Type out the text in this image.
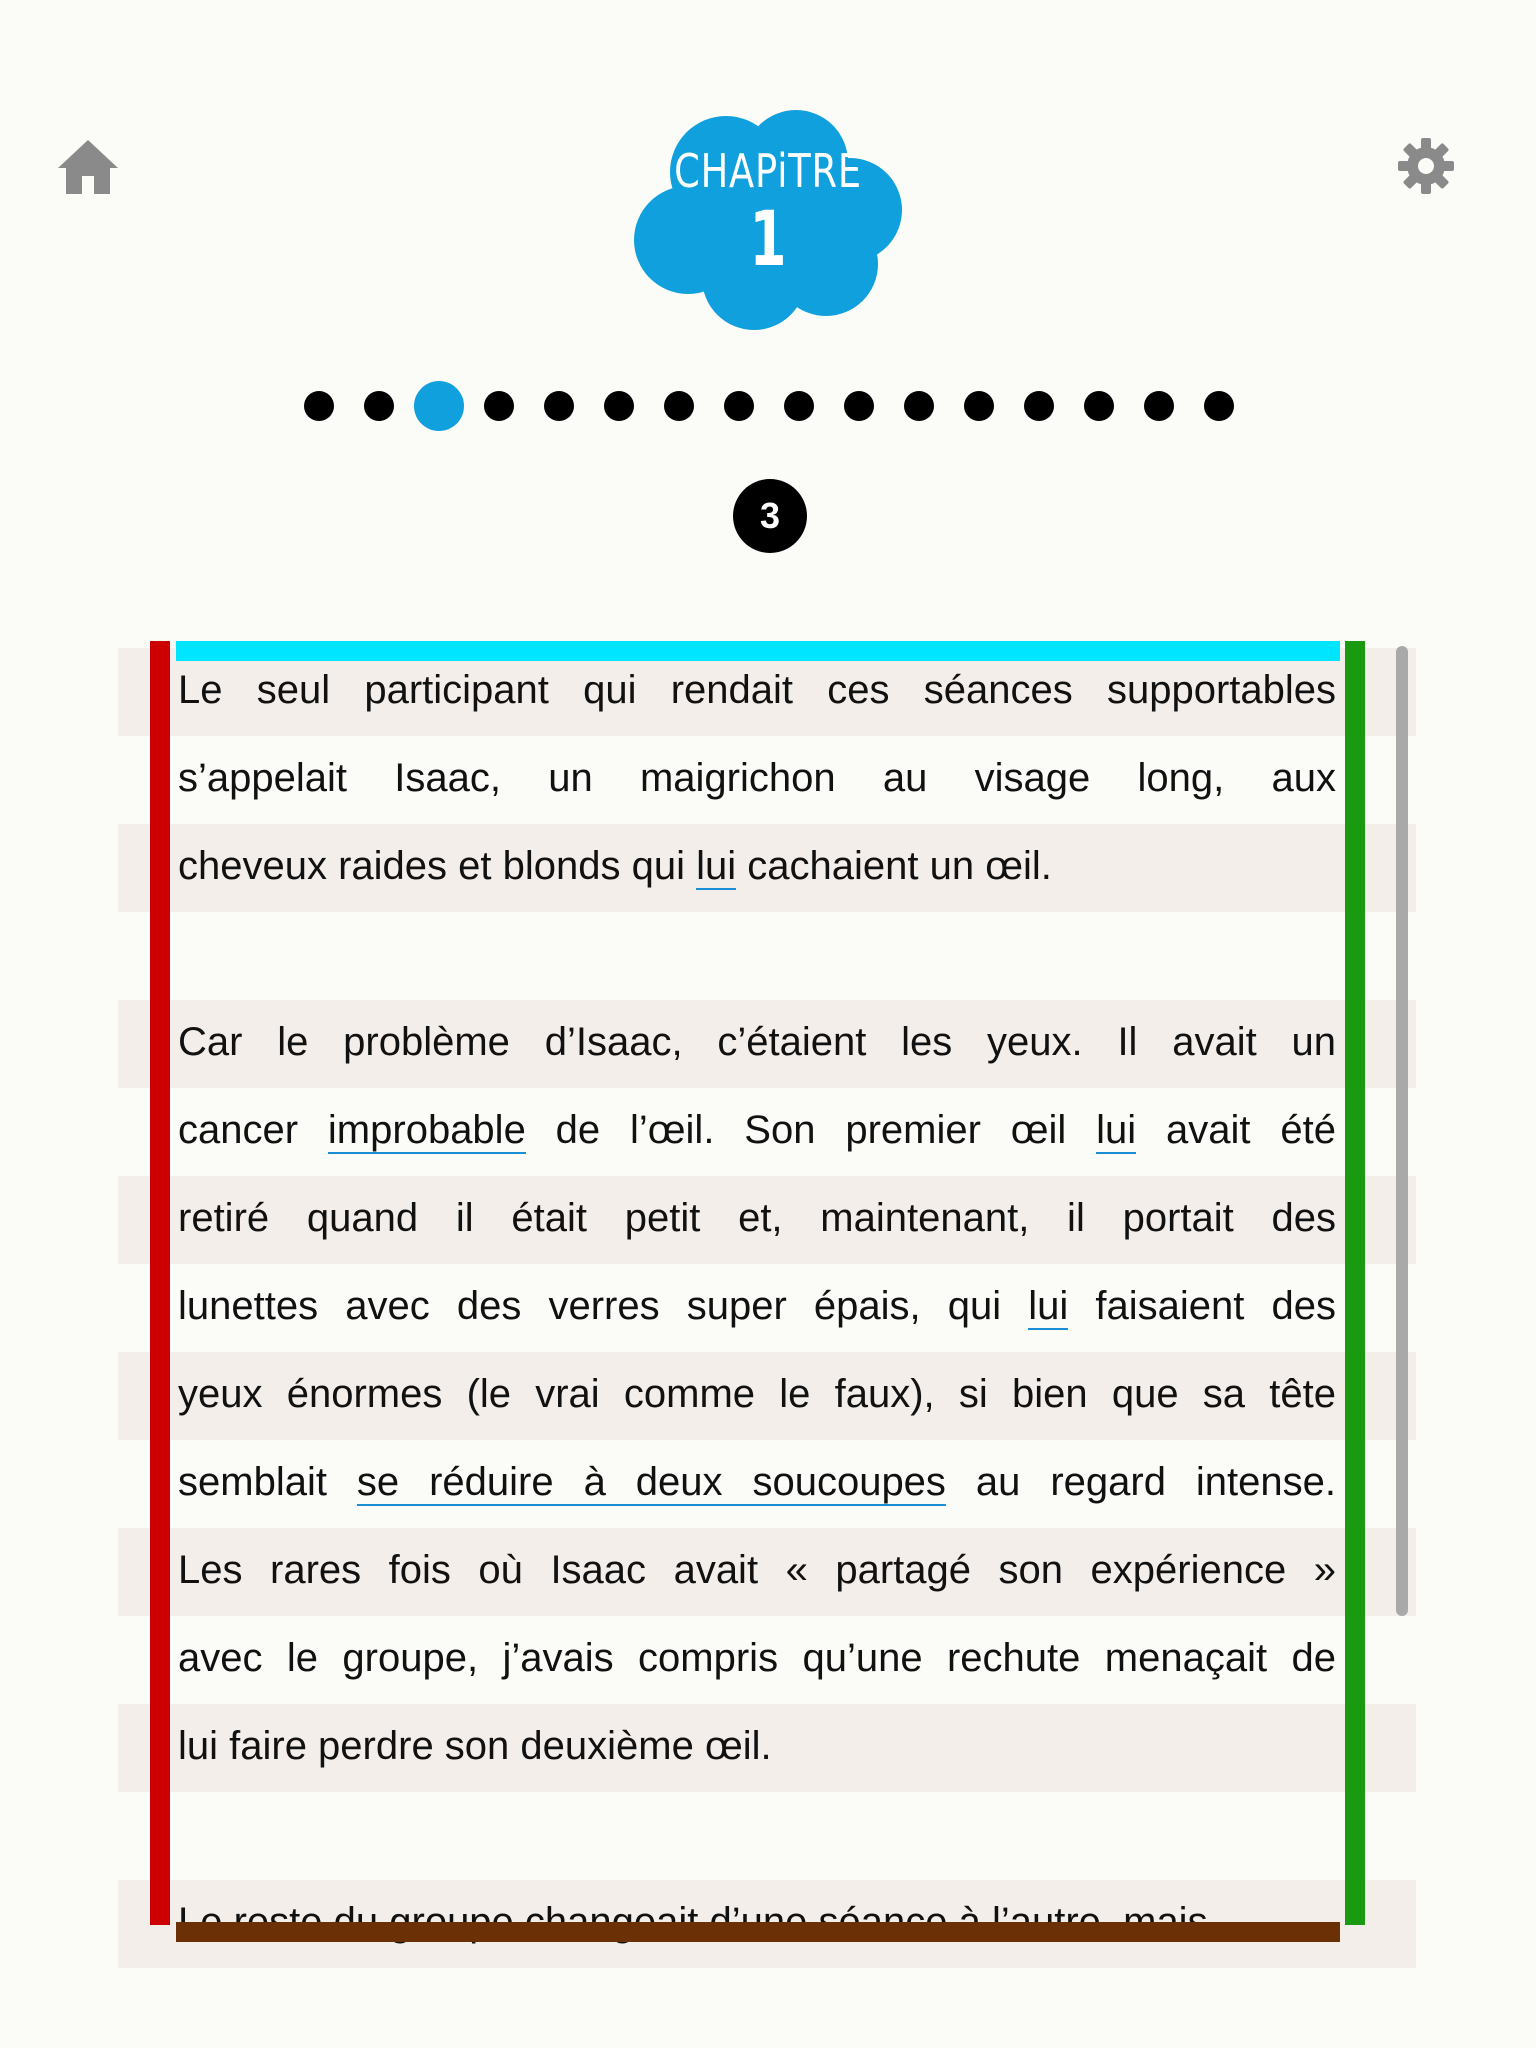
CHAPiTRE
1
3
Le seul participant qui rendait ces séances supportables
s’appelait Isaac, un maigrichon au visage long, aux
cheveux raides et blonds qui lui cachaient un œil.
Car le problème d’Isaac, c’étaient les yeux. Il avait un
cancer improbable de l’œil. Son premier œil lui avait été
retiré quand il était petit et, maintenant, il portait des
lunettes avec des verres super épais, qui lui faisaient des
yeux énormes (le vrai comme le faux), si bien que sa tête
semblait se réduire à deux soucoupes au regard intense.
Les rares fois où Isaac avait « partagé son expérience »
avec le groupe, j’avais compris qu’une rechute menaçait de
lui faire perdre son deuxième œil.
